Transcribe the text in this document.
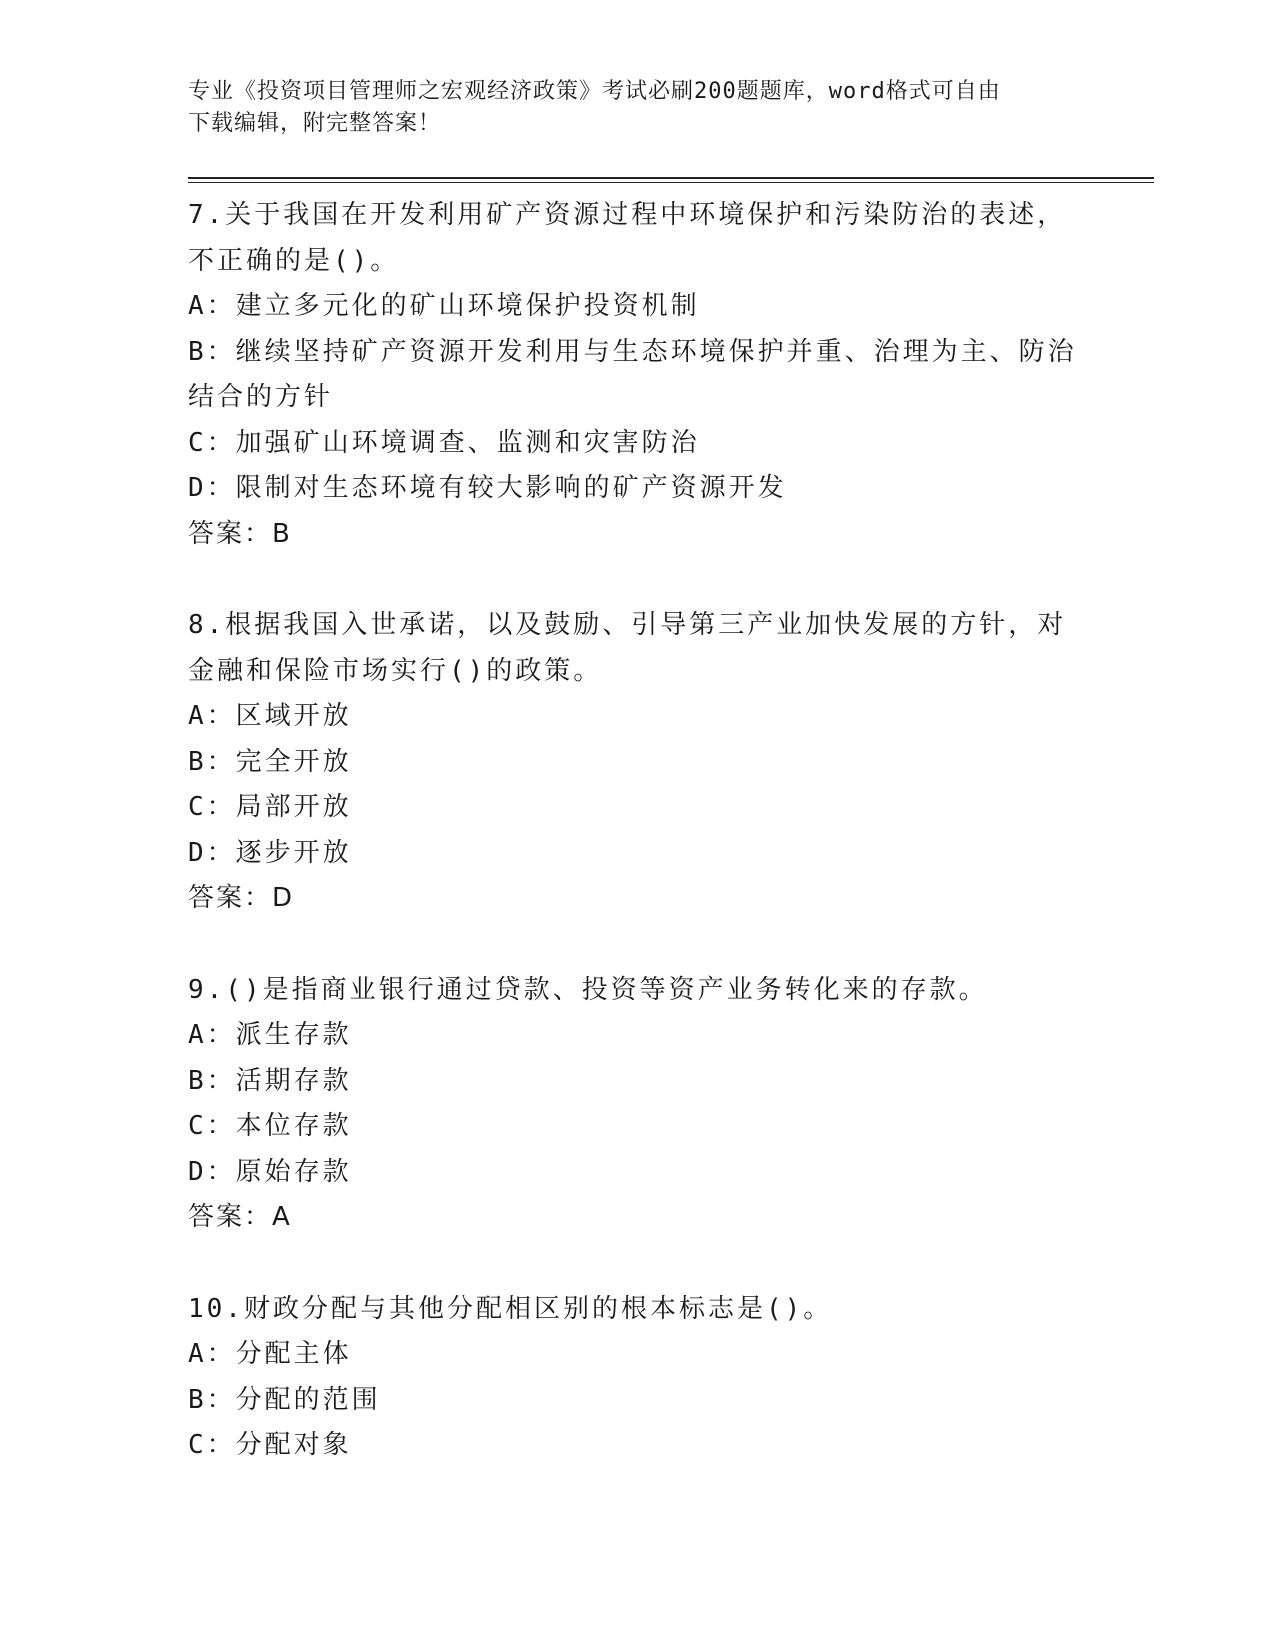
专业《投资项目管理师之宏观经济政策》考试必刷200题题库，word格式可自由
下载编辑，附完整答案！
7.关于我国在开发利用矿产资源过程中环境保护和污染防治的表述，
不正确的是()。
A：建立多元化的矿山环境保护投资机制
B：继续坚持矿产资源开发利用与生态环境保护并重、治理为主、防治
结合的方针
C：加强矿山环境调查、监测和灾害防治
D：限制对生态环境有较大影响的矿产资源开发
答案：B
8.根据我国入世承诺，以及鼓励、引导第三产业加快发展的方针，对
金融和保险市场实行()的政策。
A：区域开放
B：完全开放
C：局部开放
D：逐步开放
答案：D
9.()是指商业银行通过贷款、投资等资产业务转化来的存款。
A：派生存款
B：活期存款
C：本位存款
D：原始存款
答案：A
10.财政分配与其他分配相区别的根本标志是()。
A：分配主体
B：分配的范围
C：分配对象
